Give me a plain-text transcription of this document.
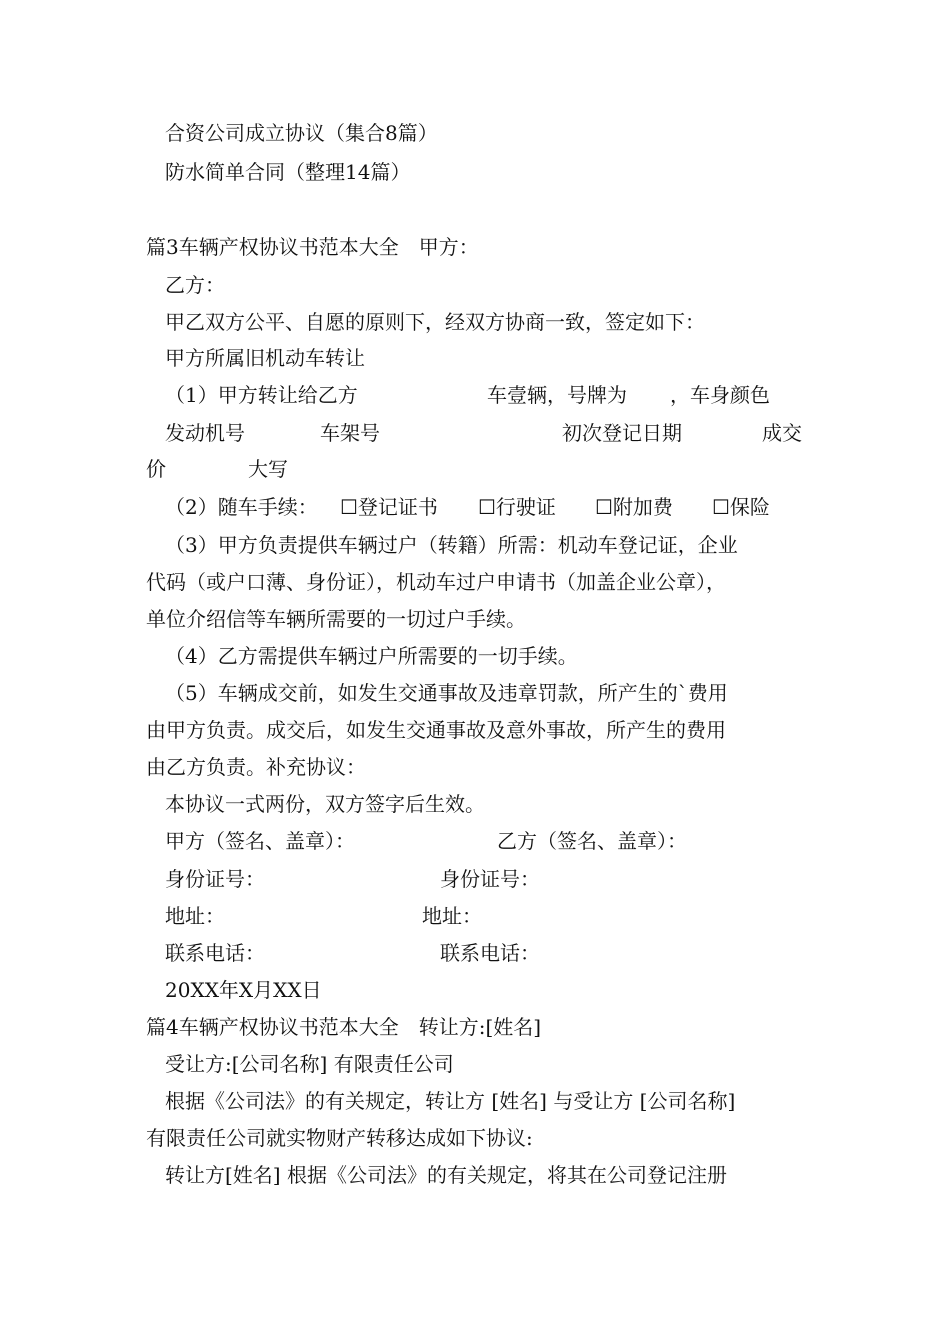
合资公司成立协议（集合8篇）
防水简单合同（整理14篇）
篇3车辆产权协议书范本大全　甲方：
乙方：
甲乙双方公平、自愿的原则下，经双方协商一致，签定如下：
甲方所属旧机动车转让
（1）甲方转让给乙方	车壹辆，号牌为 ，车身颜色
发动机号	车架号	初次登记日期	成交
价	大写
（2）随车手续： ☐登记证书 ☐行驶证 ☐附加费 ☐保险
（3）甲方负责提供车辆过户（转籍）所需：机动车登记证，企业
代码（或户口薄、身份证），机动车过户申请书（加盖企业公章），
单位介绍信等车辆所需要的一切过户手续。
（4）乙方需提供车辆过户所需要的一切手续。
（5）车辆成交前，如发生交通事故及违章罚款，所产生的`费用
由甲方负责。成交后，如发生交通事故及意外事故，所产生的费用
由乙方负责。补充协议：
本协议一式两份，双方签字后生效。
甲方（签名、盖章）：	乙方（签名、盖章）：
身份证号：	身份证号：
地址：	地址：
联系电话：	联系电话：
20XX年X月XX日
篇4车辆产权协议书范本大全　转让方:[姓名]
受让方:[公司名称] 有限责任公司
根据《公司法》的有关规定，转让方 [姓名] 与受让方 [公司名称]
有限责任公司就实物财产转移达成如下协议:
转让方[姓名] 根据《公司法》的有关规定，将其在公司登记注册
